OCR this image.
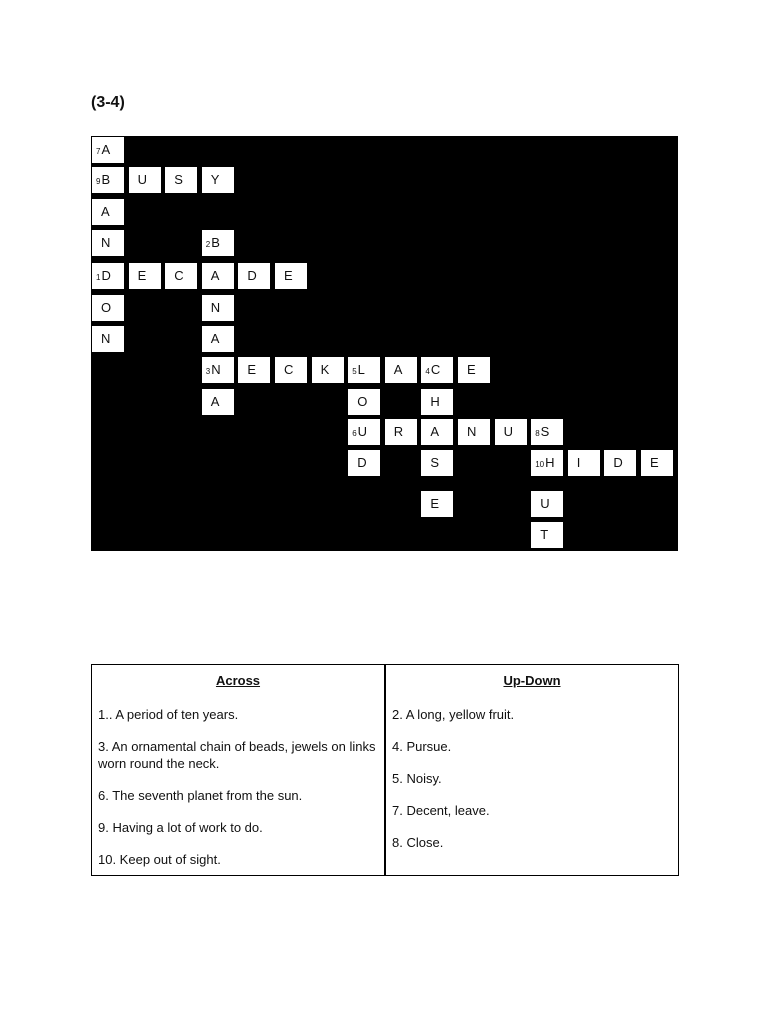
(3-4)
7A
9B	U	S	Y
A
N	2B
1D	E	C	A	D	E
O	N
N	A
3N	E	C	K	5L	A	4C	E
A	O	H
6U	R	A	N	U	8S
D	S	10H	I	D	E
E	U
T
Across

1.. A period of ten years.

3. An ornamental chain of beads, jewels on links worn round the neck.

6. The seventh planet from the sun.

9. Having a lot of work to do.

10. Keep out of sight.

Up-Down

2. A long, yellow fruit.

4. Pursue.

5. Noisy.

7. Decent, leave.

8. Close.
